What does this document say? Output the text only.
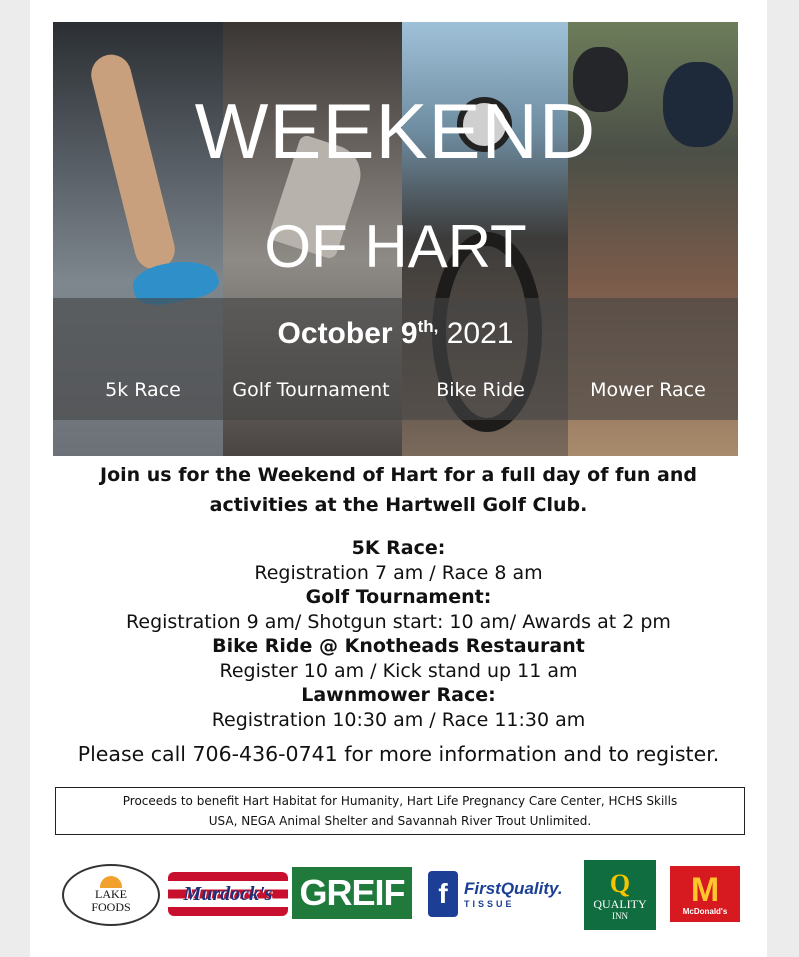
WEEKEND
OF HART
October $9^{th,}$ 2021
5k Race	Golf Tournament	Bike Ride	Mower Race
Join us for the Weekend of Hart for a full day of fun and
activities at the Hartwell Golf Club.
5K Race:
Registration 7 am / Race 8 am
Golf Tournament:
Registration 9 am/ Shotgun start: 10 am/ Awards at 2 pm
Bike Ride @ Knotheads Restaurant
Register 10 am / Kick stand up 11 am
Lawnmower Race:
Registration 10:30 am / Race 11:30 am
Please call 706-436-0741 for more information and to register.
Proceeds to benefit Hart Habitat for Humanity, Hart Life Pregnancy Care Center, HCHS Skills
USA, NEGA Animal Shelter and Savannah River Trout Unlimited.
LAKE
FOODS
Murdock's GREIF	f FirstQuality.
TISSUE
Q
QUALITY
INN
M
McDonald's
